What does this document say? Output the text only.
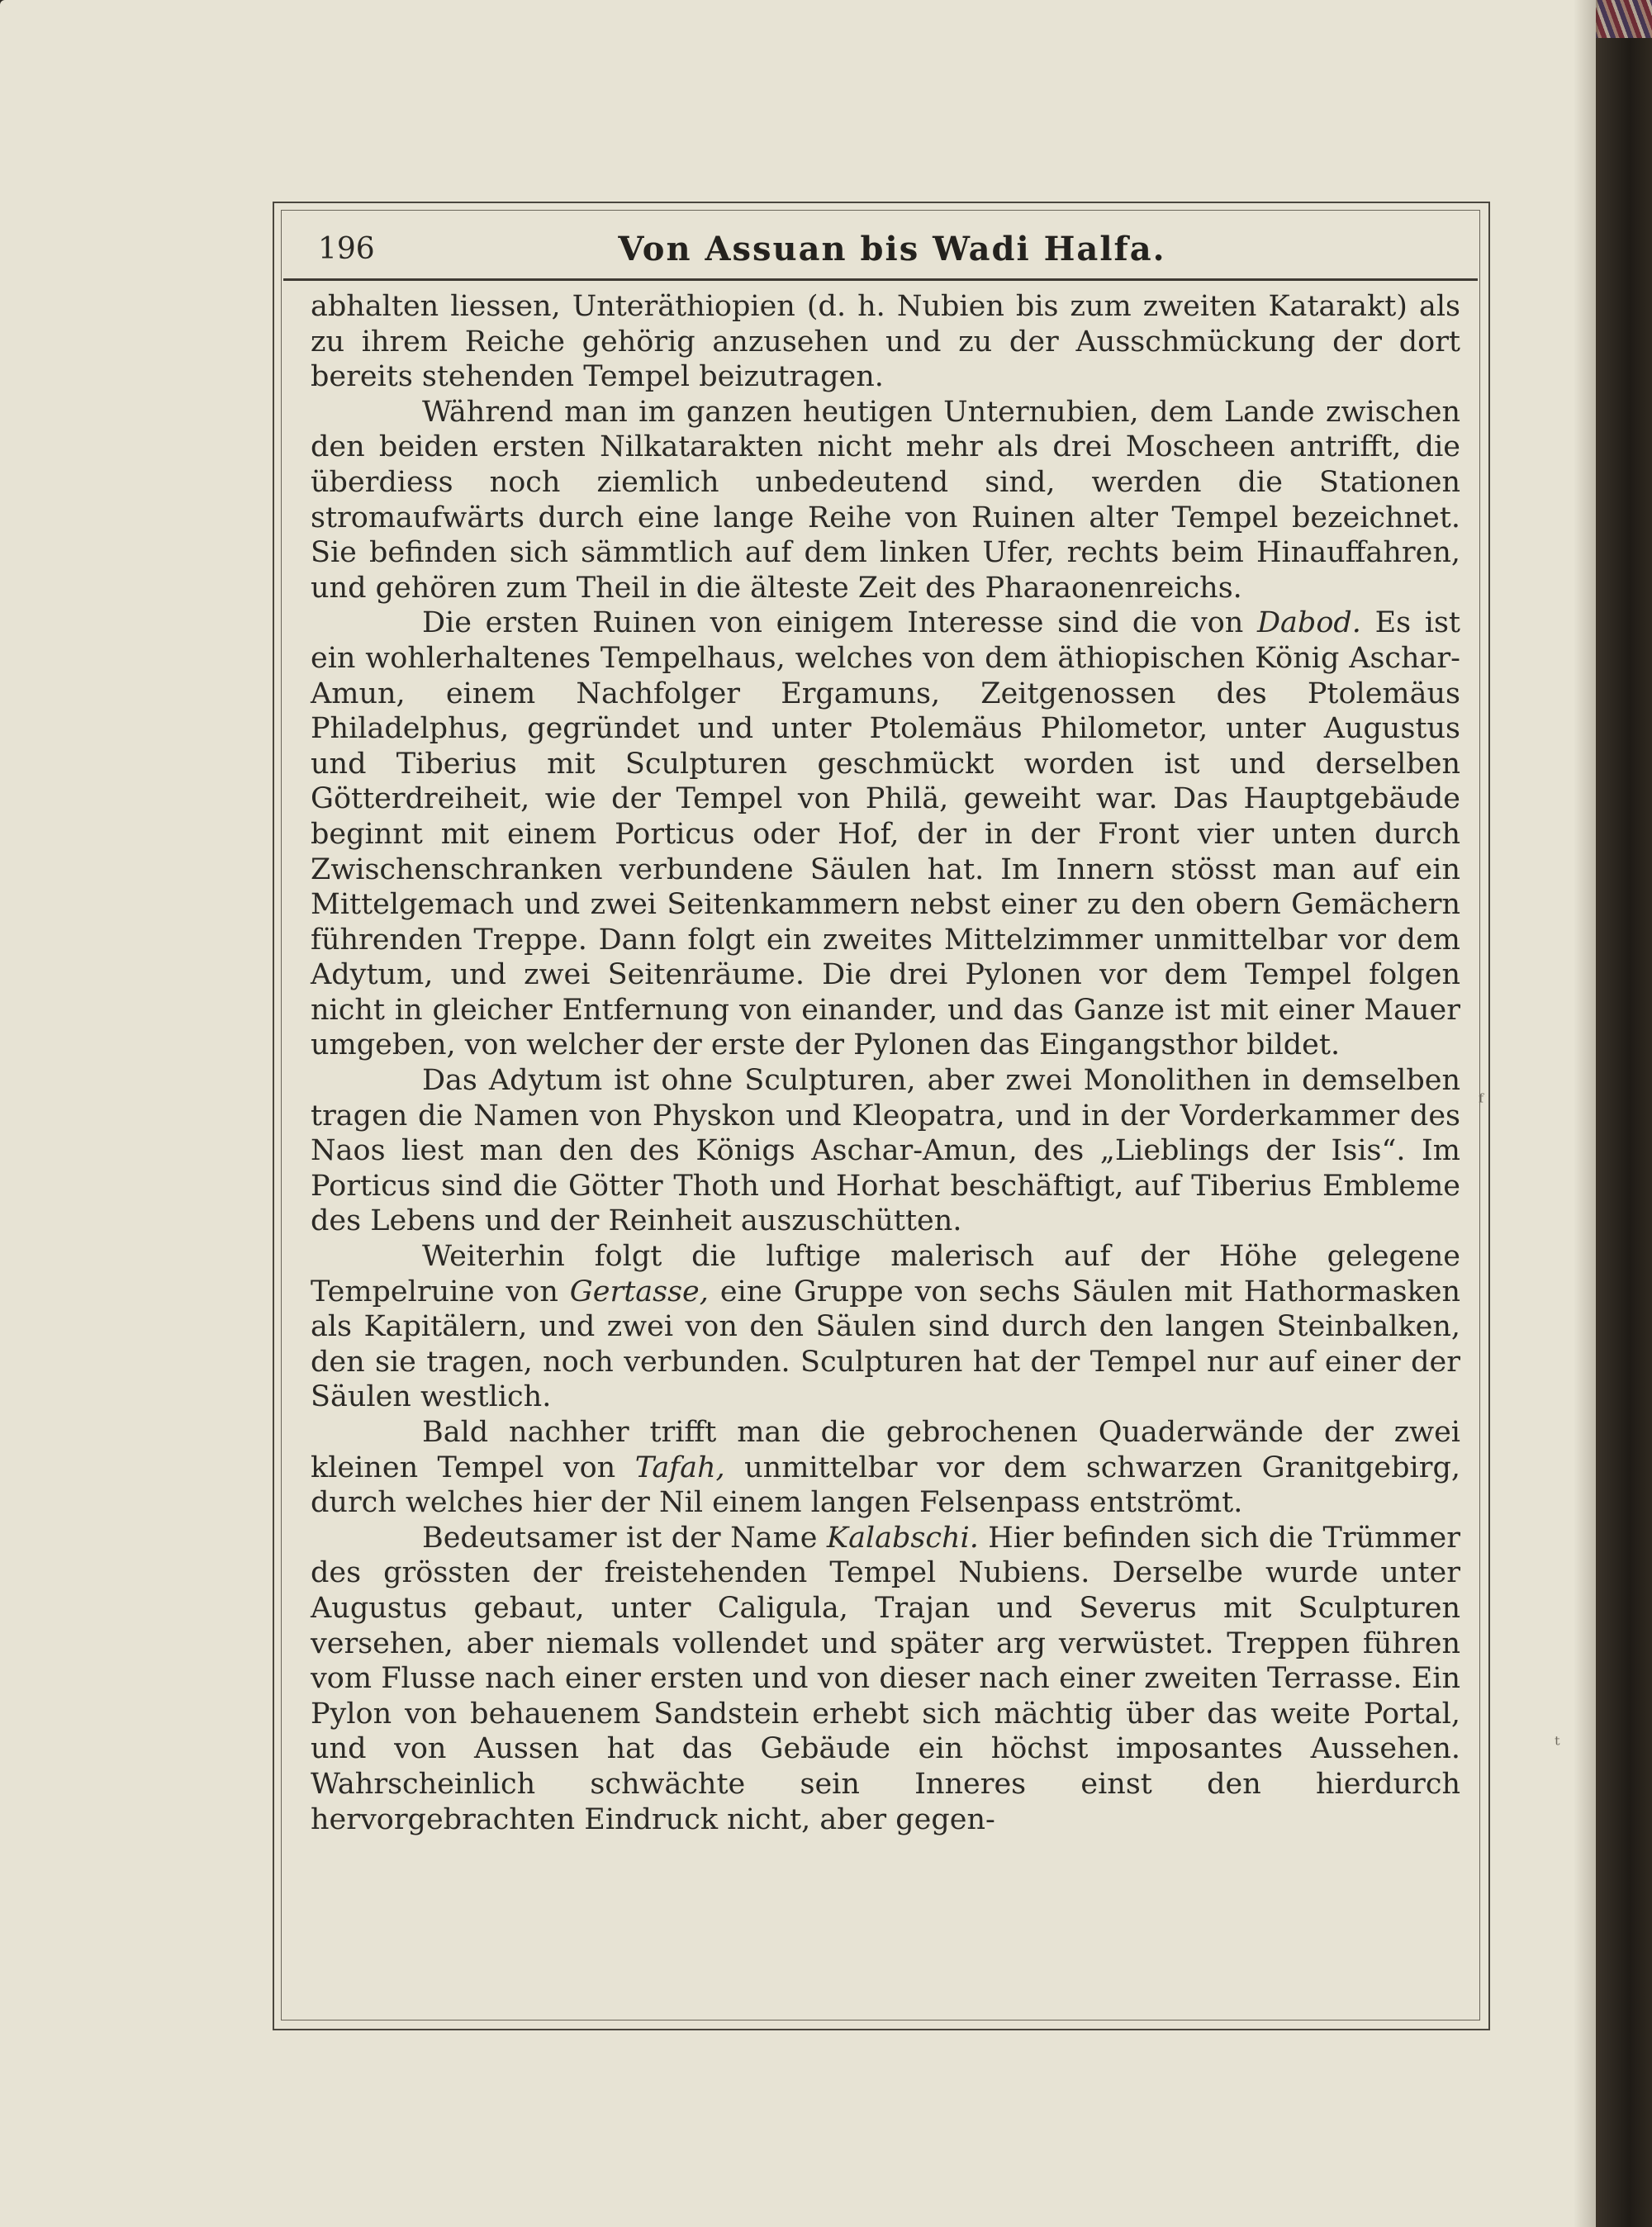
196	Von Assuan bis Wadi Halfa.

abhalten liessen, Unteräthiopien (d. h. Nubien bis zum zweiten Katarakt) als zu ihrem Reiche gehörig anzusehen und zu der Ausschmückung der dort bereits stehenden Tempel beizutragen.

Während man im ganzen heutigen Unternubien, dem Lande zwischen den beiden ersten Nilkatarakten nicht mehr als drei Moscheen antrifft, die überdiess noch ziemlich unbedeutend sind, werden die Stationen stromaufwärts durch eine lange Reihe von Ruinen alter Tempel bezeichnet. Sie befinden sich sämmtlich auf dem linken Ufer, rechts beim Hinauffahren, und gehören zum Theil in die älteste Zeit des Pharaonenreichs.

Die ersten Ruinen von einigem Interesse sind die von Dabod. Es ist ein wohlerhaltenes Tempelhaus, welches von dem äthiopischen König Aschar-Amun, einem Nachfolger Ergamuns, Zeitgenossen des Ptolemäus Philadelphus, gegründet und unter Ptolemäus Philometor, unter Augustus und Tiberius mit Sculpturen geschmückt worden ist und derselben Götterdreiheit, wie der Tempel von Philä, geweiht war. Das Hauptgebäude beginnt mit einem Porticus oder Hof, der in der Front vier unten durch Zwischenschranken verbundene Säulen hat. Im Innern stösst man auf ein Mittelgemach und zwei Seitenkammern nebst einer zu den obern Gemächern führenden Treppe. Dann folgt ein zweites Mittelzimmer unmittelbar vor dem Adytum, und zwei Seitenräume. Die drei Pylonen vor dem Tempel folgen nicht in gleicher Entfernung von einander, und das Ganze ist mit einer Mauer umgeben, von welcher der erste der Pylonen das Eingangsthor bildet.

Das Adytum ist ohne Sculpturen, aber zwei Monolithen in demselben tragen die Namen von Physkon und Kleopatra, und in der Vorderkammer des Naos liest man den des Königs Aschar-Amun, des „Lieblings der Isis“. Im Porticus sind die Götter Thoth und Horhat beschäftigt, auf Tiberius Embleme des Lebens und der Reinheit auszuschütten.

Weiterhin folgt die luftige malerisch auf der Höhe gelegene Tempelruine von Gertasse, eine Gruppe von sechs Säulen mit Hathormasken als Kapitälern, und zwei von den Säulen sind durch den langen Steinbalken, den sie tragen, noch verbunden. Sculpturen hat der Tempel nur auf einer der Säulen westlich.

Bald nachher trifft man die gebrochenen Quaderwände der zwei kleinen Tempel von Tafah, unmittelbar vor dem schwarzen Granitgebirg, durch welches hier der Nil einem langen Felsenpass entströmt.

Bedeutsamer ist der Name Kalabschi. Hier befinden sich die Trümmer des grössten der freistehenden Tempel Nubiens. Derselbe wurde unter Augustus gebaut, unter Caligula, Trajan und Severus mit Sculpturen versehen, aber niemals vollendet und später arg verwüstet. Treppen führen vom Flusse nach einer ersten und von dieser nach einer zweiten Terrasse. Ein Pylon von behauenem Sandstein erhebt sich mächtig über das weite Portal, und von Aussen hat das Gebäude ein höchst imposantes Aussehen. Wahrscheinlich schwächte sein Inneres einst den hierdurch hervorgebrachten Eindruck nicht, aber gegen-

ᶠ
ᵗ
